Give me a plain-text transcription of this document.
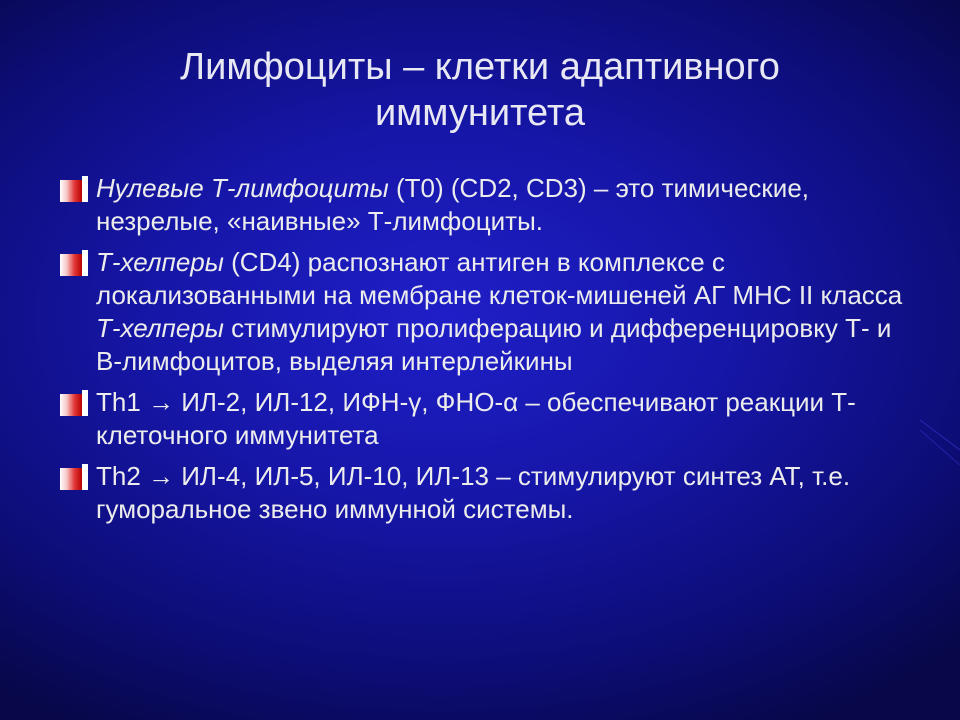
Лимфоциты – клетки адаптивного
иммунитета
Нулевые Т-лимфоциты (Т0) (CD2, CD3) – это тимические, незрелые, «наивные» Т-лимфоциты.
Т-хелперы (CD4) распознают антиген в комплексе с локализованными на мембране клеток-мишеней АГ МНС II класса
Т-хелперы стимулируют пролиферацию и дифференцировку Т- и В-лимфоцитов, выделяя интерлейкины
Th1 → ИЛ-2, ИЛ-12, ИФН-γ, ФНО-α – обеспечивают реакции Т-клеточного иммунитета
Th2 → ИЛ-4, ИЛ-5, ИЛ-10, ИЛ-13 – стимулируют синтез АТ, т.е. гуморальное звено иммунной системы.
